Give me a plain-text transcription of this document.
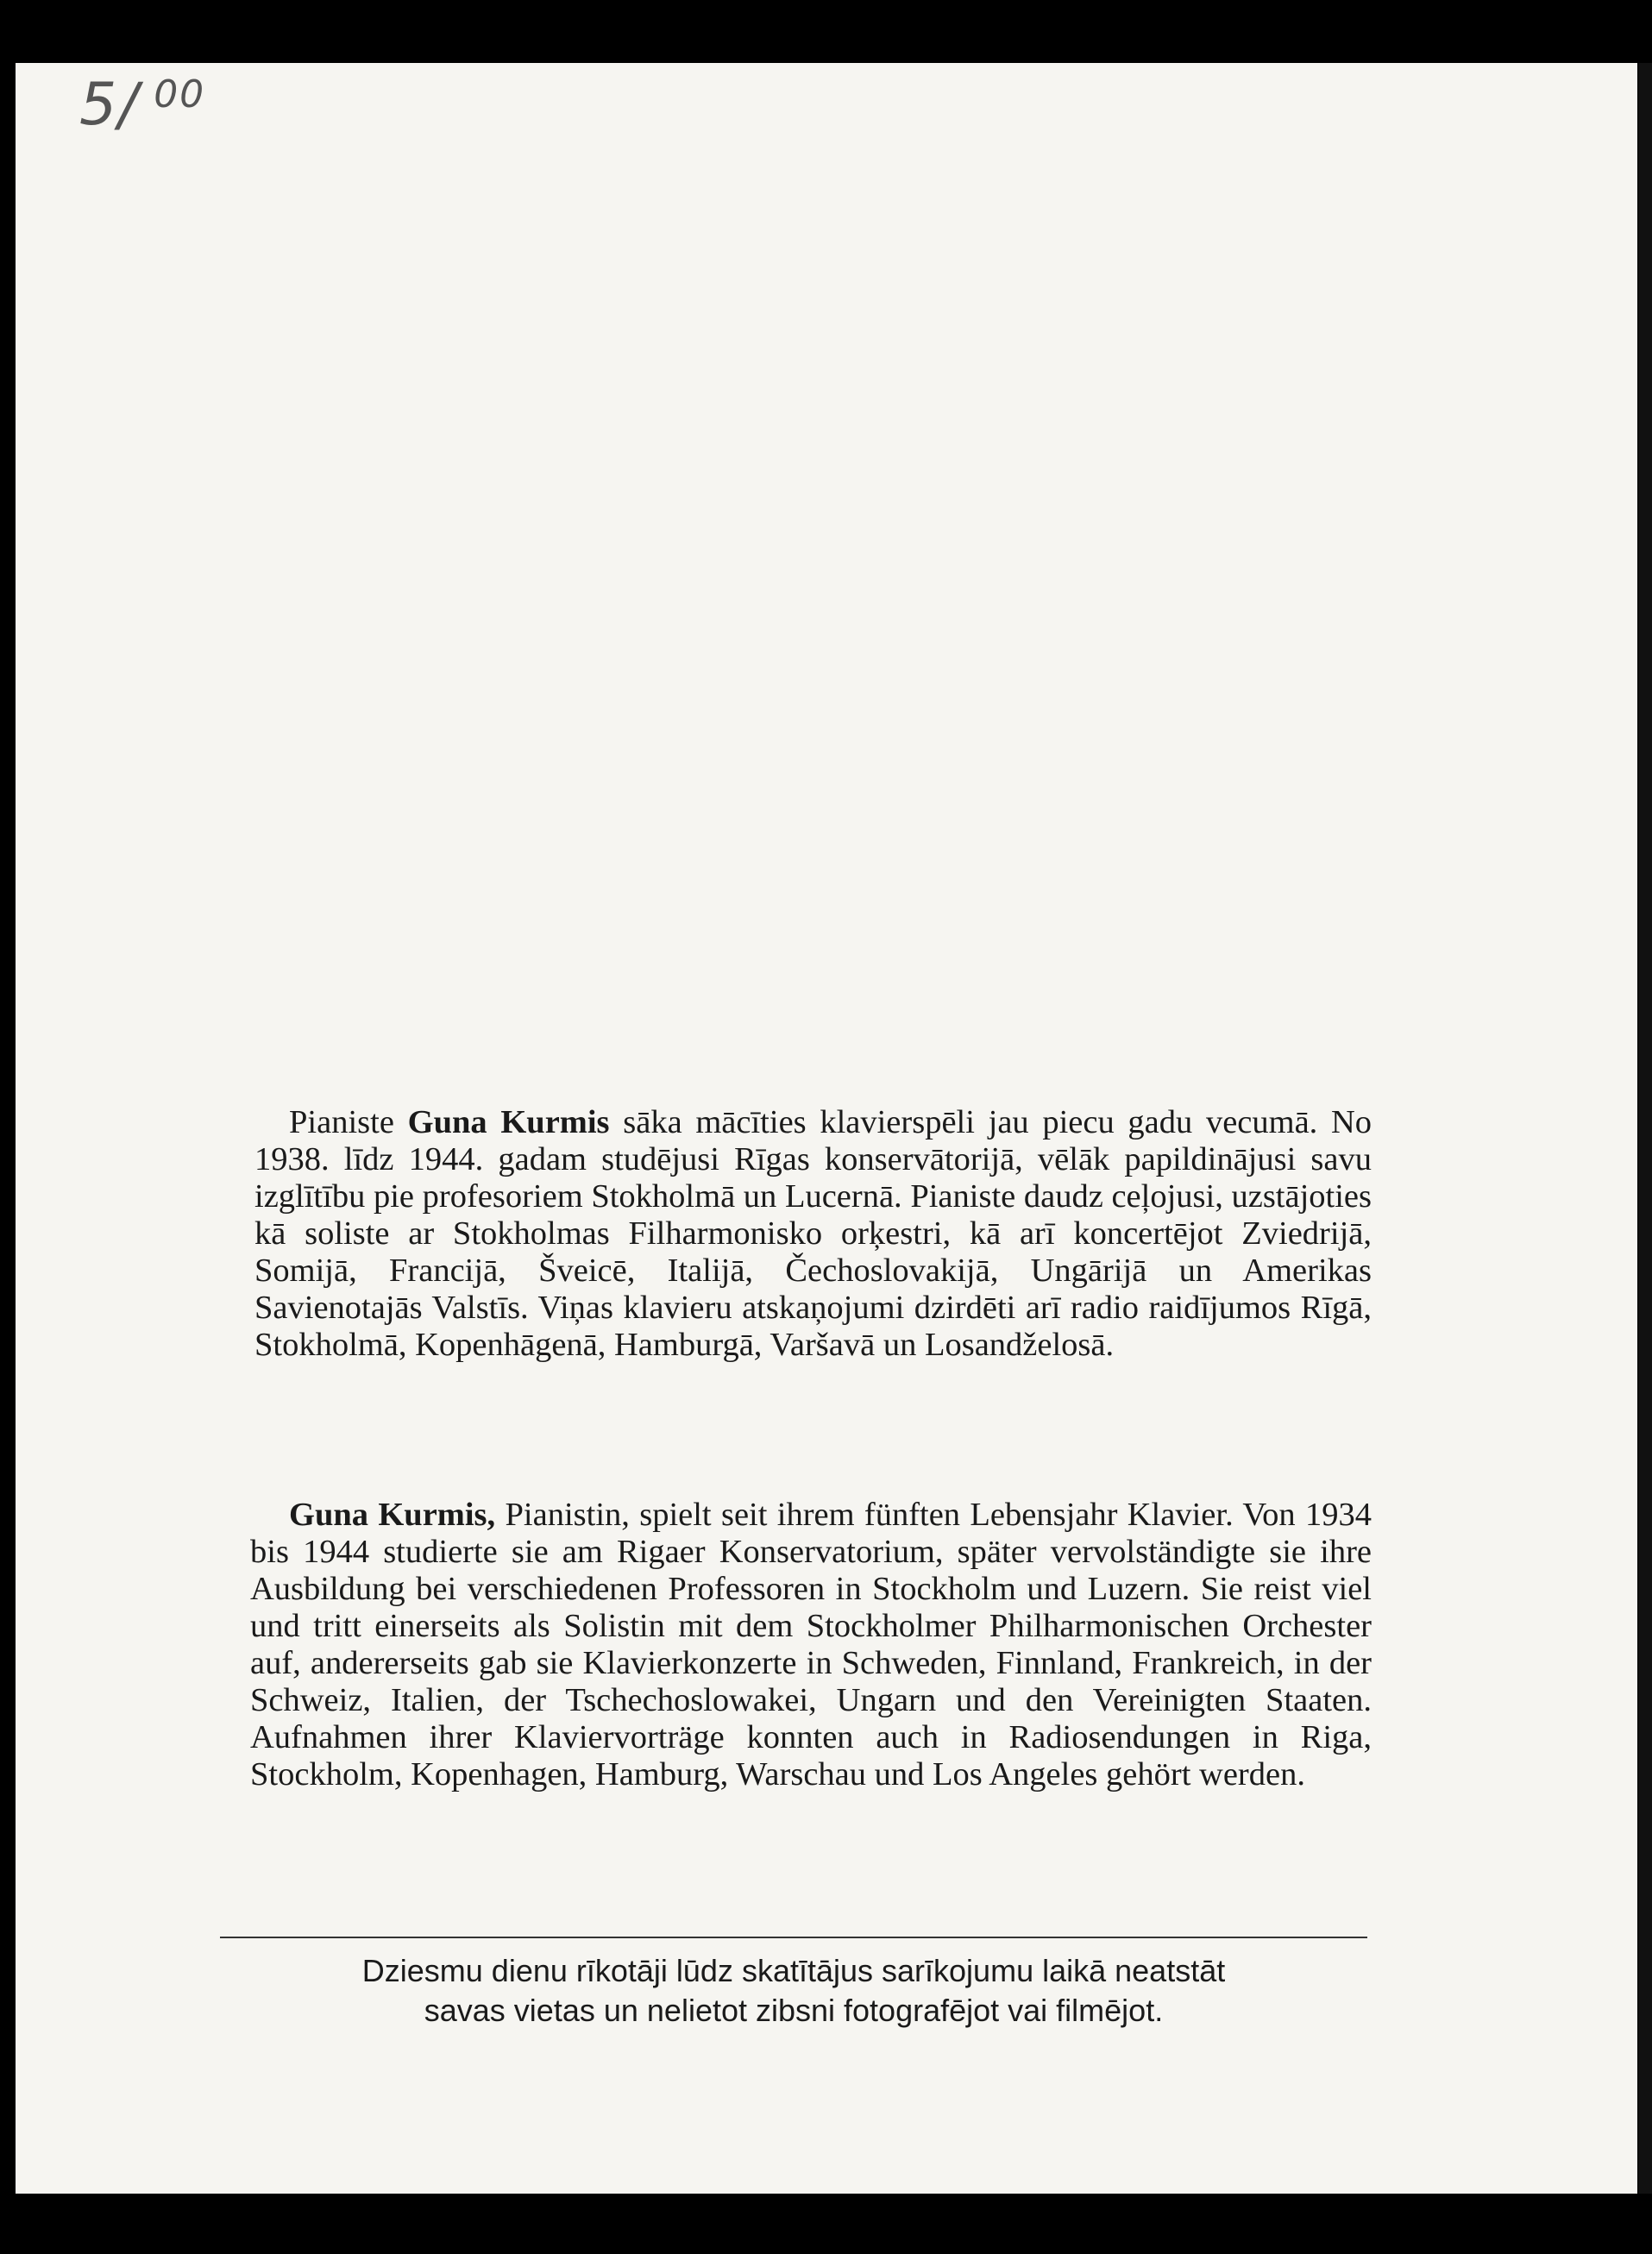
5/ $^{00}$
Pianiste Guna Kurmis sāka mācīties klavierspēli jau piecu gadu vecumā. No 1938. līdz 1944. gadam studējusi Rīgas konservātorijā, vēlāk papildinājusi savu izglītību pie profesoriem Stokholmā un Lucernā. Pianiste daudz ceļojusi, uzstājoties kā soliste ar Stokholmas Filharmonisko orķestri, kā arī koncertējot Zviedrijā, Somijā, Francijā, Šveicē, Italijā, Čechoslovakijā, Ungārijā un Amerikas Savienotajās Valstīs. Viņas klavieru atskaņojumi dzirdēti arī radio raidījumos Rīgā, Stokholmā, Kopenhāgenā, Hamburgā, Varšavā un Losandželosā.
Guna Kurmis, Pianistin, spielt seit ihrem fünften Lebensjahr Klavier. Von 1934 bis 1944 studierte sie am Rigaer Konservatorium, später vervolständigte sie ihre Ausbildung bei verschiedenen Professoren in Stockholm und Luzern. Sie reist viel und tritt einerseits als Solistin mit dem Stockholmer Philharmonischen Orchester auf, andererseits gab sie Klavierkonzerte in Schweden, Finnland, Frankreich, in der Schweiz, Italien, der Tschechoslowakei, Ungarn und den Vereinigten Staaten. Aufnahmen ihrer Klaviervorträge konnten auch in Radiosendungen in Riga, Stockholm, Kopenhagen, Hamburg, Warschau und Los Angeles gehört werden.
Dziesmu dienu rīkotāji lūdz skatītājus sarīkojumu laikā neatstāt
savas vietas un nelietot zibsni fotografējot vai filmējot.
